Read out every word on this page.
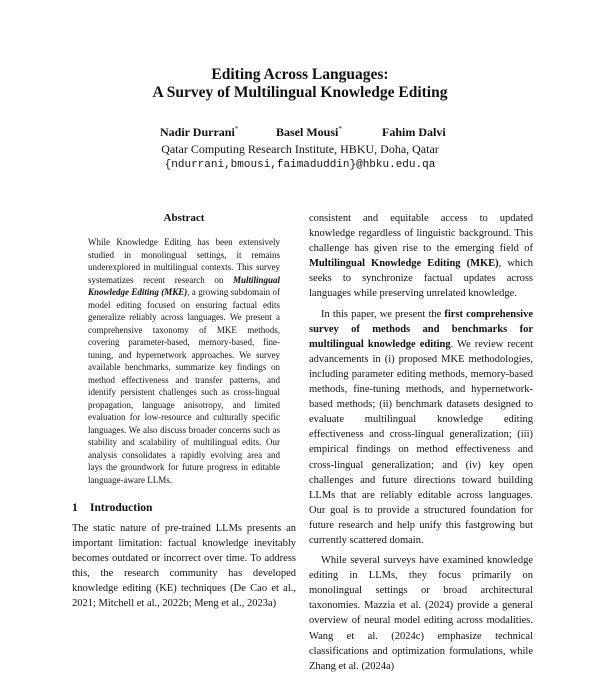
Editing Across Languages:
A Survey of Multilingual Knowledge Editing
Nadir Durrani*	Basel Mousi*	Fahim Dalvi
Qatar Computing Research Institute, HBKU, Doha, Qatar
{ndurrani,bmousi,faimaduddin}@hbku.edu.qa
Abstract
While Knowledge Editing has been extensively studied in monolingual settings, it remains underexplored in multilingual contexts. This survey systematizes recent research on Multilingual Knowledge Editing (MKE), a growing subdomain of model editing focused on ensuring factual edits generalize reliably across languages. We present a comprehensive taxonomy of MKE methods, covering parameter-based, memory-based, fine-tuning, and hypernetwork approaches. We survey available benchmarks, summarize key findings on method effectiveness and transfer patterns, and identify persistent challenges such as cross-lingual propagation, language anisotropy, and limited evaluation for low-resource and culturally specific languages. We also discuss broader concerns such as stability and scalability of multilingual edits. Our analysis consolidates a rapidly evolving area and lays the groundwork for future progress in editable language-aware LLMs.
1 Introduction
The static nature of pre-trained LLMs presents an important limitation: factual knowledge inevitably becomes outdated or incorrect over time. To address this, the research community has developed knowledge editing (KE) techniques (De Cao et al., 2021; Mitchell et al., 2022b; Meng et al., 2023a)

consistent and equitable access to updated knowledge regardless of linguistic background. This challenge has given rise to the emerging field of Multilingual Knowledge Editing (MKE), which seeks to synchronize factual updates across languages while preserving unrelated knowledge.

In this paper, we present the first comprehensive survey of methods and benchmarks for multilingual knowledge editing. We review recent advancements in (i) proposed MKE methodologies, including parameter editing methods, memory-based methods, fine-tuning methods, and hypernetwork-based methods; (ii) benchmark datasets designed to evaluate multilingual knowledge editing effectiveness and cross-lingual generalization; (iii) empirical findings on method effectiveness and cross-lingual generalization; and (iv) key open challenges and future directions toward building LLMs that are reliably editable across languages. Our goal is to provide a structured foundation for future research and help unify this fastgrowing but currently scattered domain.

While several surveys have examined knowledge editing in LLMs, they focus primarily on monolingual settings or broad architectural taxonomies. Mazzia et al. (2024) provide a general overview of neural model editing across modalities. Wang et al. (2024c) emphasize technical classifications and optimization formulations, while Zhang et al. (2024a)
